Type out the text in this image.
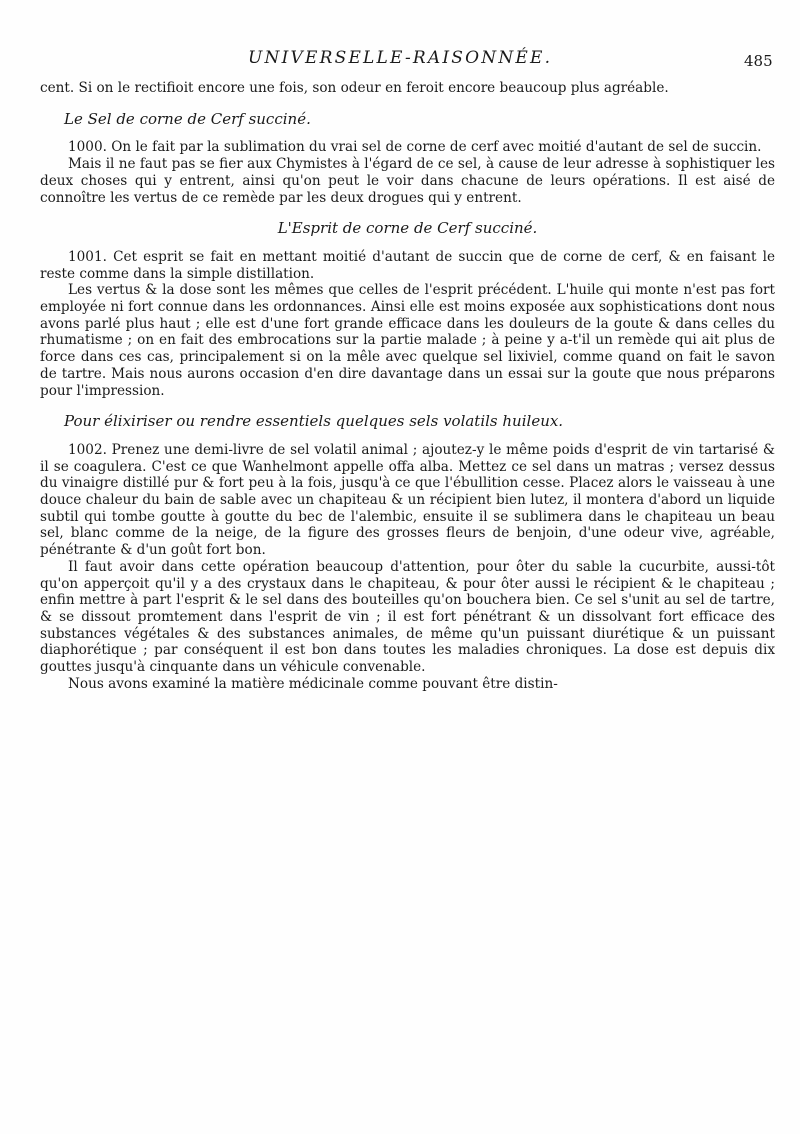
UNIVERSELLE-RAISONNÉE.	485

cent. Si on le rectifioit encore une fois, son odeur en feroit encore beaucoup plus agréable.

Le Sel de corne de Cerf succiné.

1000. On le fait par la sublimation du vrai sel de corne de cerf avec moitié d'autant de sel de succin.

Mais il ne faut pas se fier aux Chymistes à l'égard de ce sel, à cause de leur adresse à sophistiquer les deux choses qui y entrent, ainsi qu'on peut le voir dans chacune de leurs opérations. Il est aisé de connoître les vertus de ce remède par les deux drogues qui y entrent.

L'Esprit de corne de Cerf succiné.

1001. Cet esprit se fait en mettant moitié d'autant de succin que de corne de cerf, & en faisant le reste comme dans la simple distillation.

Les vertus & la dose sont les mêmes que celles de l'esprit précédent. L'huile qui monte n'est pas fort employée ni fort connue dans les ordonnances. Ainsi elle est moins exposée aux sophistications dont nous avons parlé plus haut ; elle est d'une fort grande efficace dans les douleurs de la goute & dans celles du rhumatisme ; on en fait des embrocations sur la partie malade ; à peine y a-t'il un remède qui ait plus de force dans ces cas, principalement si on la mêle avec quelque sel lixiviel, comme quand on fait le savon de tartre. Mais nous aurons occasion d'en dire davantage dans un essai sur la goute que nous préparons pour l'impression.

Pour élixiriser ou rendre essentiels quelques sels volatils huileux.

1002. Prenez une demi-livre de sel volatil animal ; ajoutez-y le même poids d'esprit de vin tartarisé & il se coagulera. C'est ce que Wanhelmont appelle offa alba. Mettez ce sel dans un matras ; versez dessus du vinaigre distillé pur & fort peu à la fois, jusqu'à ce que l'ébullition cesse. Placez alors le vaisseau à une douce chaleur du bain de sable avec un chapiteau & un récipient bien lutez, il montera d'abord un liquide subtil qui tombe goutte à goutte du bec de l'alembic, ensuite il se sublimera dans le chapiteau un beau sel, blanc comme de la neige, de la figure des grosses fleurs de benjoin, d'une odeur vive, agréable, pénétrante & d'un goût fort bon.

Il faut avoir dans cette opération beaucoup d'attention, pour ôter du sable la cucurbite, aussi-tôt qu'on apperçoit qu'il y a des crystaux dans le chapiteau, & pour ôter aussi le récipient & le chapiteau ; enfin mettre à part l'esprit & le sel dans des bouteilles qu'on bouchera bien. Ce sel s'unit au sel de tartre, & se dissout promtement dans l'esprit de vin ; il est fort pénétrant & un dissolvant fort efficace des substances végétales & des substances animales, de même qu'un puissant diurétique & un puissant diaphorétique ; par conséquent il est bon dans toutes les maladies chroniques. La dose est depuis dix gouttes jusqu'à cinquante dans un véhicule convenable.

Nous avons examiné la matière médicinale comme pouvant être distin-
